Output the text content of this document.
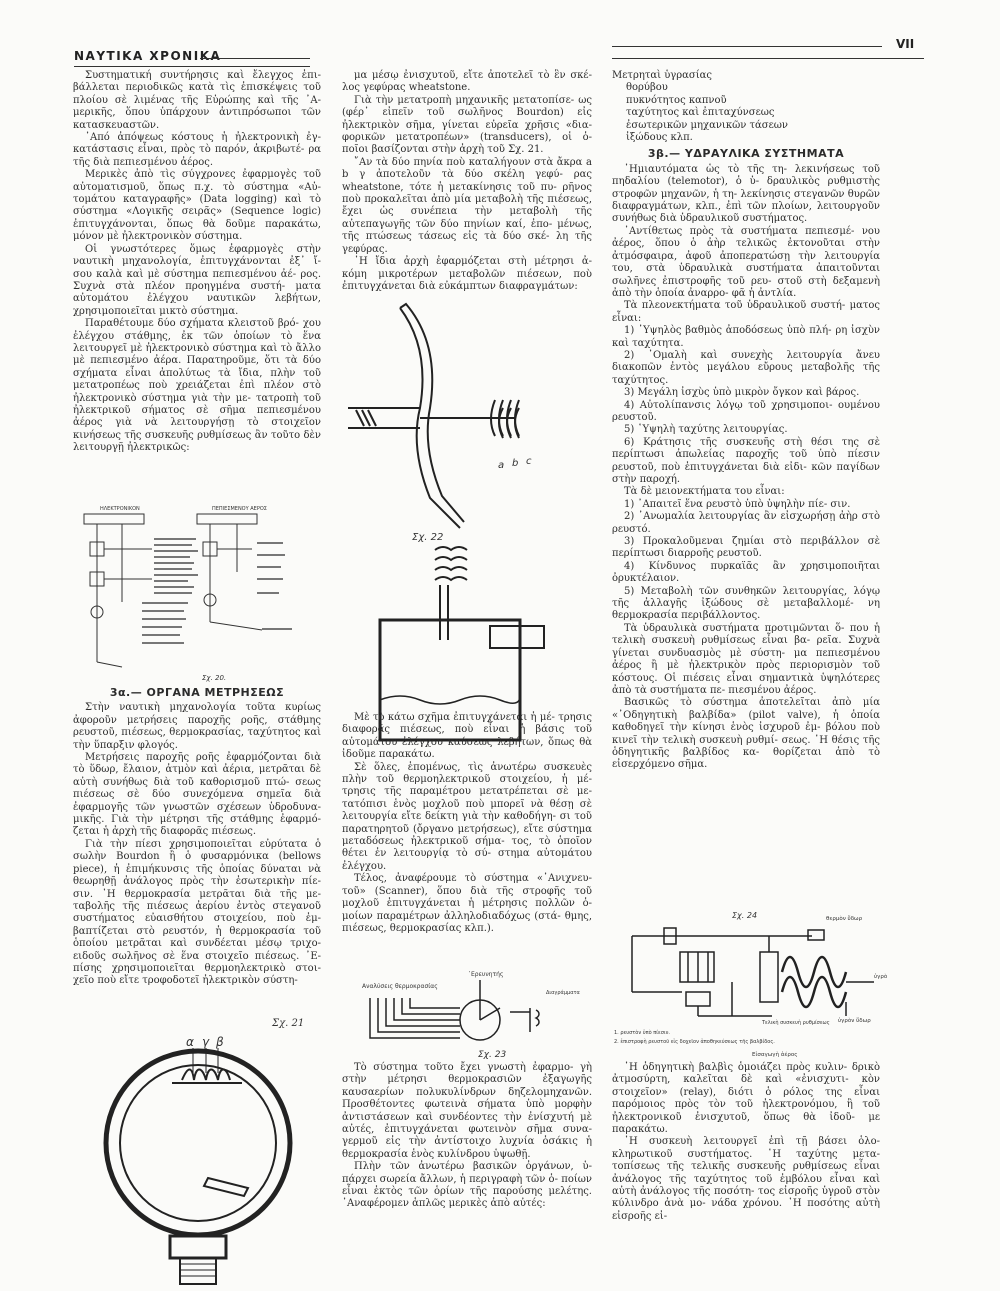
ΝΑΥΤΙΚΑ ΧΡΟΝΙΚΑ
VII

Συστηματική συντήρησις καὶ ἔλεγχος ἐπι- βάλλεται περιοδικῶς κατὰ τὶς ἐπισκέψεις τοῦ πλοίου σὲ λιμένας τῆς Εὐρώπης καὶ τῆς ᾿Α- μερικῆς, ὅπου ὑπάρχουν ἀντιπρόσωποι τῶν κατασκευαστῶν.

᾿Από ἀπόψεως κόστους ἡ ἠλεκτρονικὴ ἐγ- κατάστασις εἶναι, πρὸς τὸ παρόν, ἀκριβωτέ- ρα τῆς διὰ πεπιεσμένου ἀέρος.

Μερικὲς ἀπὸ τὶς σύγχρονες ἐφαρμογὲς τοῦ αὐτοματισμοῦ, ὅπως π.χ. τὸ σύστημα «Αὐ- τομάτου καταγραφῆς» (Data logging) καὶ τὸ σύστημα «Λογικῆς σειρᾶς» (Sequence logic) ἐπιτυγχάνονται, ὅπως θὰ δοῦμε παρακάτω, μόνον μὲ ἠλεκτρονικὸν σύστημα.

Οἱ γνωστότερες ὅμως ἐφαρμογὲς στὴν ναυτικὴ μηχανολογία, ἐπιτυγχάνονται ἐξ᾿ ἴ- σου καλὰ καὶ μὲ σύστημα πεπιεσμένου ἀέ- ρος. Συχνὰ στὰ πλέον προηγμένα συστή- ματα αὐτομάτου ἐλέγχου ναυτικῶν λεβήτων, χρησιμοποιεῖται μικτὸ σύστημα.

Παραθέτουμε δύο σχήματα κλειστοῦ βρό- χου ἐλέγχου στάθμης, ἐκ τῶν ὁποίων τὸ ἕνα λειτουργεῖ μὲ ἠλεκτρονικὸ σύστημα καὶ τὸ ἄλλο μὲ πεπιεσμένο ἀέρα. Παρατηροῦμε, ὅτι τὰ δύο σχήματα εἶναι ἀπολύτως τὰ ἴδια, πλὴν τοῦ μετατροπέως ποὺ χρειάζεται ἐπὶ πλέον στὸ ἠλεκτρονικὸ σύστημα γιὰ τὴν με- τατροπὴ τοῦ ἠλεκτρικοῦ σήματος σὲ σῆμα πεπιεσμένου ἀέρος γιὰ νὰ λειτουργήσῃ τὸ στοιχεῖον κινήσεως τῆς συσκευῆς ρυθμίσεως ἂν τοῦτο δὲν λειτουργῇ ἠλεκτρικῶς:

ΗΛΕΚΤΡΟΝΙΚΟΝ	ΠΕΠΙΕΣΜΕΝΟΥ ΑΕΡΟΣ
Σχ. 20.
3α.— ΟΡΓΑΝΑ ΜΕΤΡΗΣΕΩΣ

Στὴν ναυτικὴ μηχανολογία τοῦτα κυρίως ἀφοροῦν μετρήσεις παροχῆς ροῆς, στάθμης ρευστοῦ, πιέσεως, θερμοκρασίας, ταχύτητος καὶ τὴν ὕπαρξιν φλογός.

Μετρήσεις παροχῆς ροῆς ἐφαρμόζονται διὰ τὸ ὕδωρ, ἔλαιον, ἀτμὸν καὶ ἀέρια, μετρᾶται δὲ αὐτὴ συνήθως διὰ τοῦ καθορισμοῦ πτώ- σεως πιέσεως σὲ δύο συνεχόμενα σημεῖα διὰ ἐφαρμογῆς τῶν γνωστῶν σχέσεων ὑδροδυνα- μικῆς. Γιὰ τὴν μέτρησι τῆς στάθμης ἐφαρμό- ζεται ἡ ἀρχὴ τῆς διαφορᾶς πιέσεως.

Γιὰ τὴν πίεσι χρησιμοποιεῖται εὐρύτατα ὁ σωλὴν Bourdon ἢ ὁ φυσαρμόνικα (bellows piece), ἡ ἐπιμήκυνσις τῆς ὁποίας δύναται νὰ θεωρηθῇ ἀνάλογος πρὸς τὴν ἐσωτερικὴν πίε- σιν. ᾿Η θερμοκρασία μετρᾶται διὰ τῆς με- ταβολῆς τῆς πιέσεως ἀερίου ἐντὸς στεγανοῦ συστήματος εὐαισθήτου στοιχείου, ποὺ ἐμ- βαπτίζεται στὸ ρευστόν, ἡ θερμοκρασία τοῦ ὁποίου μετρᾶται καὶ συνδέεται μέσῳ τριχο- ειδοῦς σωλῆνος σὲ ἕνα στοιχεῖο πιέσεως. ᾿Ε- πίσης χρησιμοποιεῖται θερμοηλεκτρικὸ στοι- χεῖο ποὺ εἴτε τροφοδοτεῖ ἠλεκτρικὸν σύστη-

Σχ. 21
α γ β

μα μέσῳ ἐνισχυτοῦ, εἴτε ἀποτελεῖ τὸ ἓν σκέ- λος γεφύρας wheatstone.

Γιὰ τὴν μετατροπὴ μηχανικῆς μετατοπίσε- ως (φέρ᾿ εἰπεῖν τοῦ σωλῆνος Bourdon) εἰς ἠλεκτρικὸν σῆμα, γίνεται εὐρεῖα χρῆσις «δια- φορικῶν μετατροπέων» (transducers), οἱ ὁ- ποῖοι βασίζονται στὴν ἀρχὴ τοῦ Σχ. 21.

῎Αν τὰ δύο πηνία ποὺ καταλήγουν στὰ ἄκρα a b γ ἀποτελοῦν τὰ δύο σκέλη γεφύ- ρας wheatstone, τότε ἡ μετακίνησις τοῦ πυ- ρῆνος ποὺ προκαλεῖται ἀπὸ μία μεταβολὴ τῆς πιέσεως, ἔχει ὡς συνέπεια τὴν μεταβολὴ τῆς αὐτεπαγωγῆς τῶν δύο πηνίων καί, ἐπο- μένως, τῆς πτώσεως τάσεως εἰς τὰ δύο σκέ- λη τῆς γεφύρας.

῾Η ἴδια ἀρχὴ ἐφαρμόζεται στὴ μέτρησι ἀ- κόμη μικροτέρων μεταβολῶν πιέσεων, ποὺ ἐπιτυγχάνεται διὰ εὐκάμπτων διαφραγμάτων:

a b c
Σχ. 22

Μὲ τὸ κάτω σχῆμα ἐπιτυγχάνεται ἡ μέ- τρησις διαφορᾶς πιέσεως, ποὺ εἶναι ἡ βάσις τοῦ αὐτομάτου ἐλέγχου καύσεως λεβήτων, ὅπως θὰ ἰδοῦμε παρακάτω.

Σὲ ὅλες, ἑπομένως, τὶς ἀνωτέρω συσκευὲς πλὴν τοῦ θερμοηλεκτρικοῦ στοιχείου, ἡ μέ- τρησις τῆς παραμέτρου μετατρέπεται σὲ με- τατόπισι ἑνὸς μοχλοῦ ποὺ μπορεῖ νὰ θέσῃ σὲ λειτουργία εἴτε δείκτη γιὰ τὴν καθοδήγη- σι τοῦ παρατηρητοῦ (ὄργανο μετρήσεως), εἴτε σύστημα μεταδόσεως ἠλεκτρικοῦ σήμα- τος, τὸ ὁποῖον θέτει ἐν λειτουργίᾳ τὸ σύ- στημα αὐτομάτου ἐλέγχου.

Τέλος, ἀναφέρουμε τὸ σύστημα «᾿Ανιχνευ- τοῦ» (Scanner), ὅπου διὰ τῆς στροφῆς τοῦ μοχλοῦ ἐπιτυγχάνεται ἡ μέτρησις πολλῶν ὁ- μοίων παραμέτρων ἀλληλοδιαδόχως (στά- θμης, πιέσεως, θερμοκρασίας κλπ.).

᾿Ερευνητής
Αναλύσεις θερμοκρασίας
Διαγράμματα
Σχ. 23

Τὸ σύστημα τοῦτο ἔχει γνωστὴ ἐφαρμο- γὴ στὴν μέτρησι θερμοκρασιῶν ἐξαγωγῆς καυσαερίων πολυκυλίνδρων δηζελομηχανῶν. Προσθέτοντες φωτεινὰ σήματα ὑπὸ μορφὴν ἀντιστάσεων καὶ συνδέοντες τὴν ἐνίσχυτή μὲ αὐτές, ἐπιτυγχάνεται φωτεινὸν σῆμα συνα- γερμοῦ εἰς τὴν ἀντίστοιχο λυχνία ὁσάκις ἡ θερμοκρασία ἑνὸς κυλίνδρου ὑψωθῇ.

Πλὴν τῶν ἀνωτέρω βασικῶν ὀργάνων, ὑ- πάρχει σωρεία ἄλλων, ἡ περιγραφὴ τῶν ὁ- ποίων εἶναι ἐκτὸς τῶν ὁρίων τῆς παρούσης μελέτης. ᾿Αναφέρομεν ἁπλῶς μερικὲς ἀπὸ αὐτές:

Μετρηταὶ ὑγρασίας

θορύβου
πυκνότητος καπνοῦ
ταχύτητος καὶ ἐπιταχύνσεως
ἐσωτερικῶν μηχανικῶν τάσεων
ἰξώδους κλπ.
3β.— ΥΔΡΑΥΛΙΚΑ ΣΥΣΤΗΜΑΤΑ

῾Ημιαυτόματα ὡς τὸ τῆς τη- λεκινήσεως τοῦ πηδαλίου (telemotor), ὁ ὑ- δραυλικὸς ρυθμιστὴς στροφῶν μηχανῶν, ἡ τη- λεκίνησις στεγανῶν θυρῶν διαφραγμάτων, κλπ., ἐπὶ τῶν πλοίων, λειτουργοῦν συνήθως διὰ ὑδραυλικοῦ συστήματος.

᾿Αντίθετως πρὸς τὰ συστήματα πεπιεσμέ- νου ἀέρος, ὅπου ὁ ἀὴρ τελικῶς ἐκτονοῦται στὴν ἀτμόσφαιρα, ἀφοῦ ἀποπερατώσῃ τὴν λειτουργία του, στὰ ὑδραυλικὰ συστήματα ἀπαιτοῦνται σωλῆνες ἐπιστροφῆς τοῦ ρευ- στοῦ στὴ δεξαμενὴ ἀπὸ τὴν ὁποία ἀναρρο- φᾶ ἡ ἀντλία.

Τὰ πλεονεκτήματα τοῦ ὑδραυλικοῦ συστή- ματος εἶναι:

1) ῾Υψηλὸς βαθμὸς ἀποδόσεως ὑπὸ πλή- ρη ἰσχὺν καὶ ταχύτητα.

2) ᾿Ομαλὴ καὶ συνεχὴς λειτουργία ἄνευ διακοπῶν ἐντὸς μεγάλου εὔρους μεταβολῆς τῆς ταχύτητος.

3) Μεγάλη ἰσχὺς ὑπὸ μικρὸν ὄγκον καὶ βάρος.

4) Αὐτολίπανσις λόγῳ τοῦ χρησιμοποι- ουμένου ρευστοῦ.

5) ῾Υψηλὴ ταχύτης λειτουργίας.

6) Κράτησις τῆς συσκευῆς στὴ θέσι της σὲ περίπτωσι ἀπωλείας παροχῆς τοῦ ὑπὸ πίεσιν ρευστοῦ, ποὺ ἐπιτυγχάνεται διὰ εἰδι- κῶν παγίδων στὴν παροχή.

Τὰ δὲ μειονεκτήματα του εἶναι:

1) ᾿Απαιτεῖ ἕνα ρευστὸ ὑπὸ ὑψηλὴν πίε- σιν.

2) ᾿Ανωμαλία λειτουργίας ἂν εἰσχωρήσῃ ἀὴρ στὸ ρευστό.

3) Προκαλοῦμεναι ζημίαι στὸ περιβάλλον σὲ περίπτωσι διαρροῆς ρευστοῦ.

4) Κίνδυνος πυρκαϊᾶς ἂν χρησιμοποιῆται ὀρυκτέλαιον.

5) Μεταβολὴ τῶν συνθηκῶν λειτουργίας, λόγῳ τῆς ἀλλαγῆς ἰξώδους σὲ μεταβαλλομέ- νη θερμοκρασία περιβάλλοντος.

Τὰ ὑδραυλικὰ συστήματα προτιμῶνται ὅ- που ἡ τελικὴ συσκευὴ ρυθμίσεως εἶναι βα- ρεῖα. Συχνὰ γίνεται συνδυασμὸς μὲ σύστη- μα πεπιεσμένου ἀέρος ἢ μὲ ἠλεκτρικὸν πρὸς περιορισμὸν τοῦ κόστους. Οἱ πιέσεις εἶναι σημαντικὰ ὑψηλότερες ἀπὸ τὰ συστήματα πε- πιεσμένου ἀέρος.

Βασικῶς τὸ σύστημα ἀποτελεῖται ἀπὸ μία «᾿Οδηγητικὴ βαλβίδα» (pilot valve), ἡ ὁποία καθοδηγεῖ τὴν κίνησι ἑνὸς ἰσχυροῦ ἐμ- βόλου ποὺ κινεῖ τὴν τελικὴ συσκευὴ ρυθμί- σεως. ῾Η θέσις τῆς ὁδηγητικῆς βαλβίδος κα- θορίζεται ἀπὸ τὸ εἰσερχόμενο σῆμα.

Σχ. 24	θερμὸν ὕδωρ
ὑγρὸ
ὑγρὸν ὕδωρ
Τελικὴ συσκευὴ ρυθμίσεως
Εἰσαγωγὴ ἀέρος
1. ρευστὸν ὑπὸ πίεσιν.
2. ἐπιστροφὴ ρευστοῦ εἰς δοχεῖον ἀποθηκεύσεως τῆς βαλβίδος.

῾Η ὁδηγητικὴ βαλβὶς ὁμοιάζει πρὸς κυλιν- δρικὸ ἀτμοσύρτη, καλεῖται δὲ καὶ «ἐνισχυτι- κὸν στοιχεῖον» (relay), διότι ὁ ρόλος της εἶναι παρόμοιος πρὸς τὸν τοῦ ἠλεκτρονόμου, ἢ τοῦ ἠλεκτρονικοῦ ἐνισχυτοῦ, ὅπως θὰ ἰδοῦ- με παρακάτω.

῾Η συσκευὴ λειτουργεῖ ἐπὶ τῇ βάσει ὁλο- κληρωτικοῦ συστήματος. ῾Η ταχύτης μετα- τοπίσεως τῆς τελικῆς συσκευῆς ρυθμίσεως εἶναι ἀνάλογος τῆς ταχύτητος τοῦ ἐμβόλου εἶναι καὶ αὐτὴ ἀνάλογος τῆς ποσότη- τος εἰσροῆς ὑγροῦ στὸν κύλινδρο ἀνὰ μο- νάδα χρόνου. ῾Η ποσότης αὐτὴ εἰσροῆς εἰ-
